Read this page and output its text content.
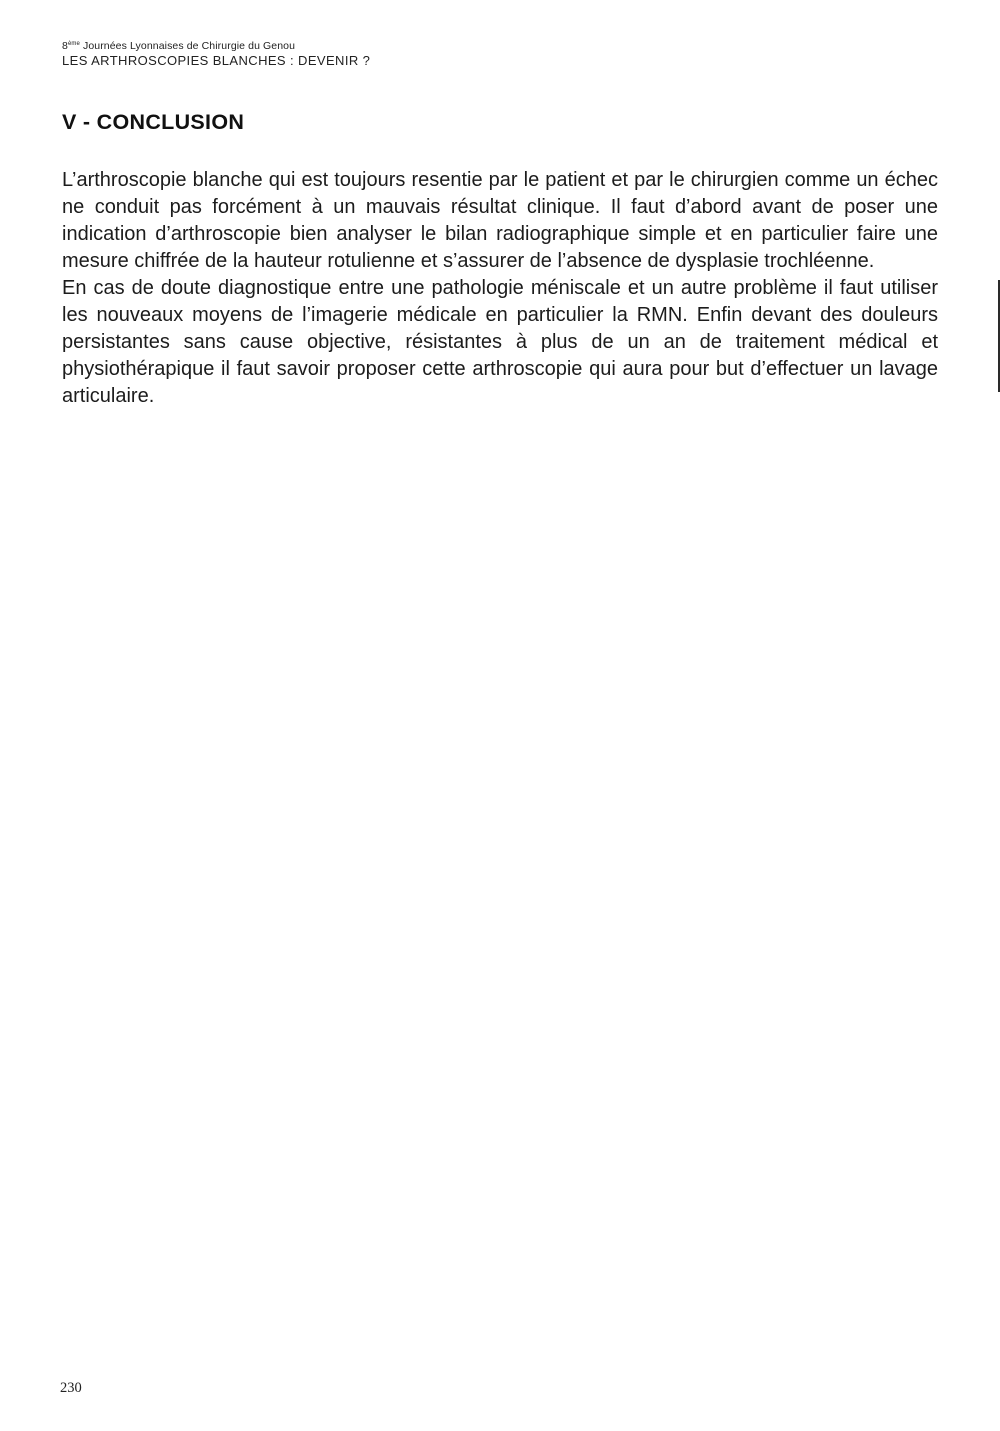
8ème Journées Lyonnaises de Chirurgie du Genou
LES ARTHROSCOPIES BLANCHES : DEVENIR ?
V - CONCLUSION

L’arthroscopie blanche qui est toujours resentie par le patient et par le chirurgien comme un échec ne conduit pas forcément à un mauvais résultat clinique. Il faut d’abord avant de poser une indication d’arthroscopie bien analyser le bilan radiographique simple et en particulier faire une mesure chiffrée de la hauteur rotulienne et s’assurer de l’absence de dysplasie trochléenne.

En cas de doute diagnostique entre une pathologie méniscale et un autre problème il faut utiliser les nouveaux moyens de l’imagerie médicale en particulier la RMN. Enfin devant des douleurs persistantes sans cause objective, résistantes à plus de un an de traitement médical et physiothérapique il faut savoir proposer cette arthroscopie qui aura pour but d’effectuer un lavage articulaire.

230
